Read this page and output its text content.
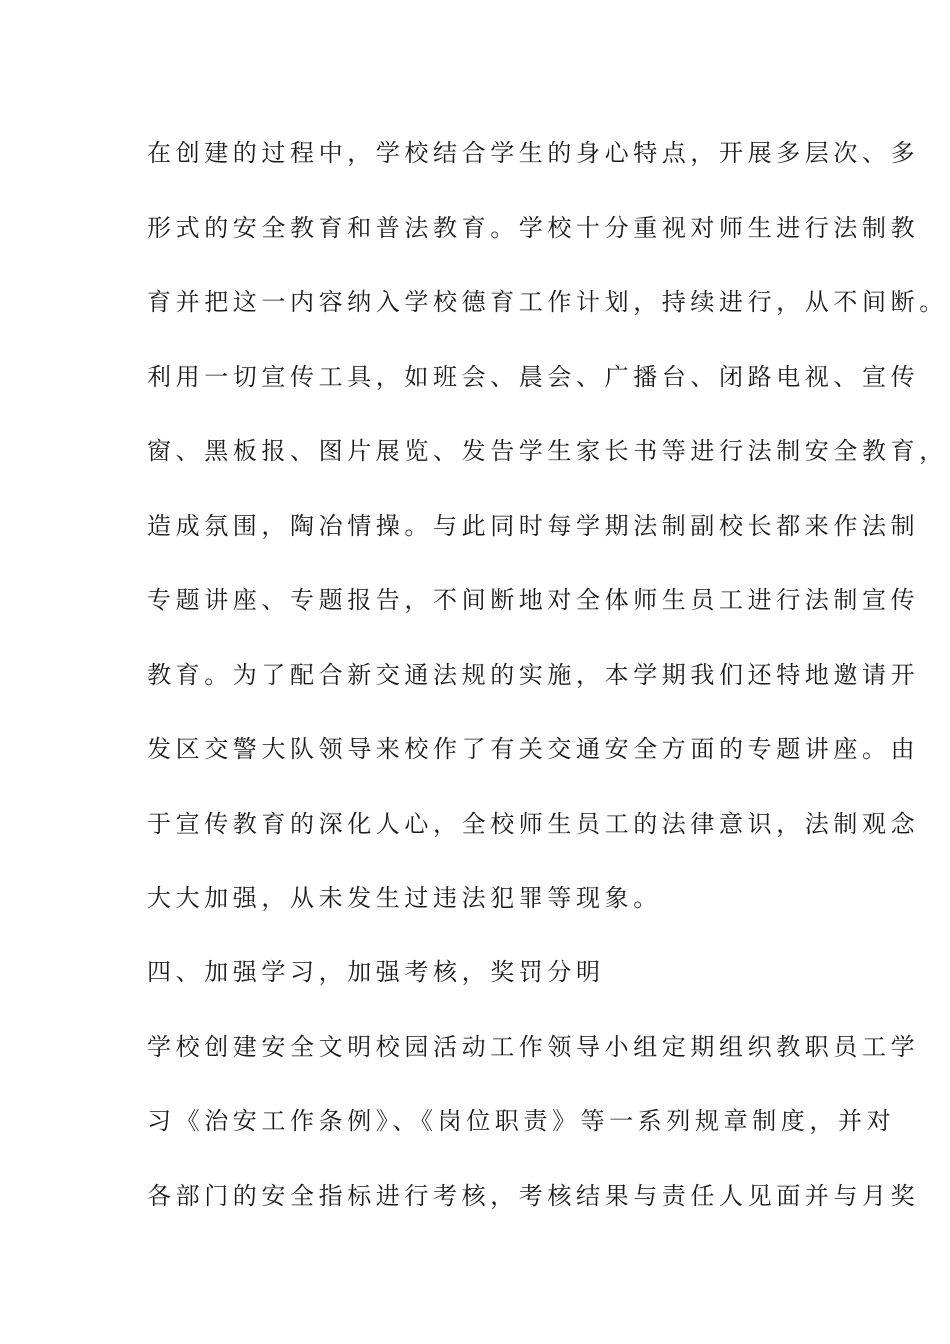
在创建的过程中，学校结合学生的身心特点，开展多层次、多
形式的安全教育和普法教育。学校十分重视对师生进行法制教
育并把这一内容纳入学校德育工作计划，持续进行，从不间断。
利用一切宣传工具，如班会、晨会、广播台、闭路电视、宣传
窗、黑板报、图片展览、发告学生家长书等进行法制安全教育，
造成氛围，陶冶情操。与此同时每学期法制副校长都来作法制
专题讲座、专题报告，不间断地对全体师生员工进行法制宣传
教育。为了配合新交通法规的实施，本学期我们还特地邀请开
发区交警大队领导来校作了有关交通安全方面的专题讲座。由
于宣传教育的深化人心，全校师生员工的法律意识，法制观念
大大加强，从未发生过违法犯罪等现象。
四、加强学习，加强考核，奖罚分明
学校创建安全文明校园活动工作领导小组定期组织教职员工学
习《治安工作条例》、《岗位职责》等一系列规章制度，并对
各部门的安全指标进行考核，考核结果与责任人见面并与月奖
